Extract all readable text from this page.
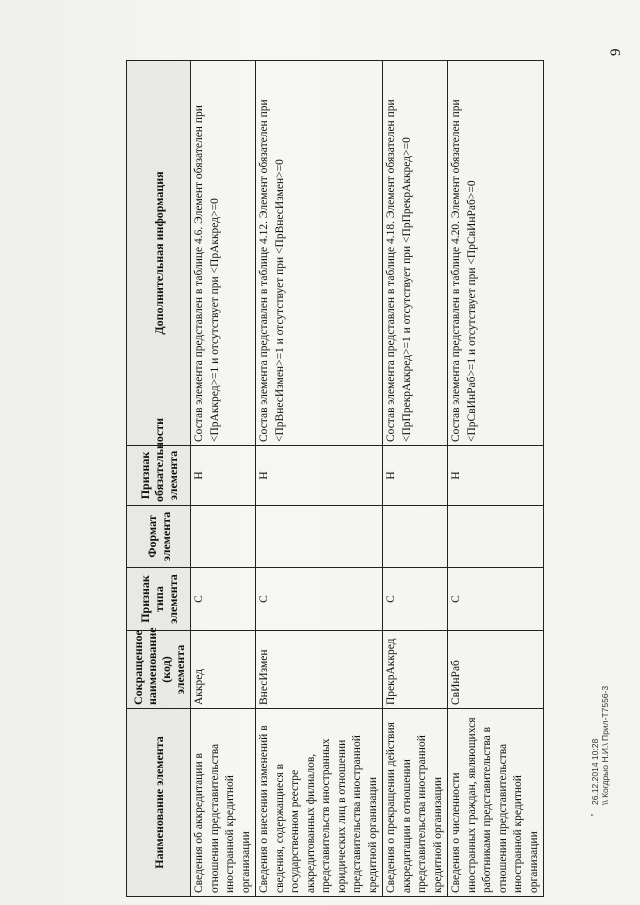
9
Наименование элемента	Сокращенное наименование (код) элемента	Признак типа элемента	Формат элемента	Признак обязательности элемента	Дополнительная информация
Сведения об аккредитации в отношении представительства иностранной кредитной организации	Аккред	С		Н	Состав элемента представлен в таблице 4.6. Элемент обязателен при <ПрАккред>=1 и отсутствует при <ПрАккред>=0
Сведения о внесении изменений в сведения, содержащиеся в государственном реестре аккредитованных филиалов, представительств иностранных юридических лиц в отношении представительства иностранной кредитной организации	ВнесИзмен	С		Н	Состав элемента представлен в таблице 4.12. Элемент обязателен при <ПрВнесИзмен>=1 и отсутствует при <ПрВнесИзмен>=0
Сведения о прекращении действия аккредитации в отношении представительства иностранной кредитной организации	ПрекрАккред	С		Н	Состав элемента представлен в таблице 4.18. Элемент обязателен при <ПрПрекрАккред>=1 и отсутствует при <ПрПрекрАккред>=0
Сведения о численности иностранных граждан, являющихся работниками представительства в отношении представительства иностранной кредитной организации	СвИнРаб	С		Н	Состав элемента представлен в таблице 4.20. Элемент обязателен при <ПрСвИнРаб>=1 и отсутствует при <ПрСвИнРаб>=0
'
26.12.2014 10:28 \\ Когдрыо Н.И.\ Прил-Т7556-3
